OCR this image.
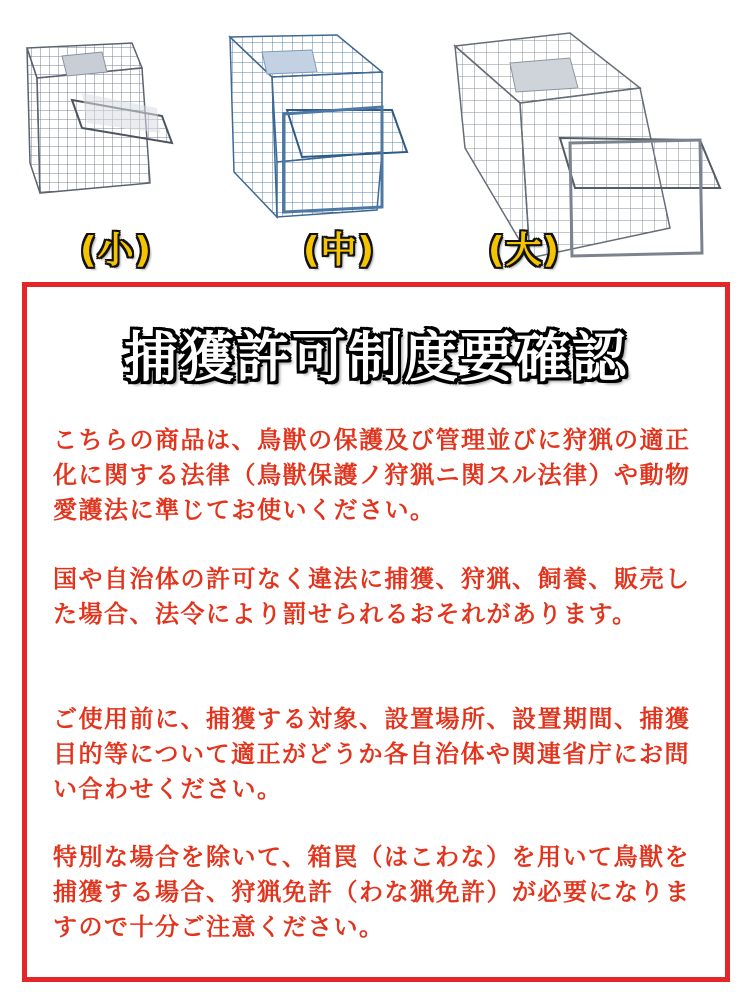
(小)	(中)	(大)
捕獲許可制度要確認

こちらの商品は、鳥獣の保護及び管理並びに狩猟の適正化に関する法律（鳥獣保護ノ狩猟ニ関スル法律）や動物愛護法に準じてお使いください。

国や自治体の許可なく違法に捕獲、狩猟、飼養、販売した場合、法令により罰せられるおそれがあります。

ご使用前に、捕獲する対象、設置場所、設置期間、捕獲目的等について適正がどうか各自治体や関連省庁にお問い合わせください。

特別な場合を除いて、箱罠（はこわな）を用いて鳥獣を捕獲する場合、狩猟免許（わな猟免許）が必要になりますので十分ご注意ください。
